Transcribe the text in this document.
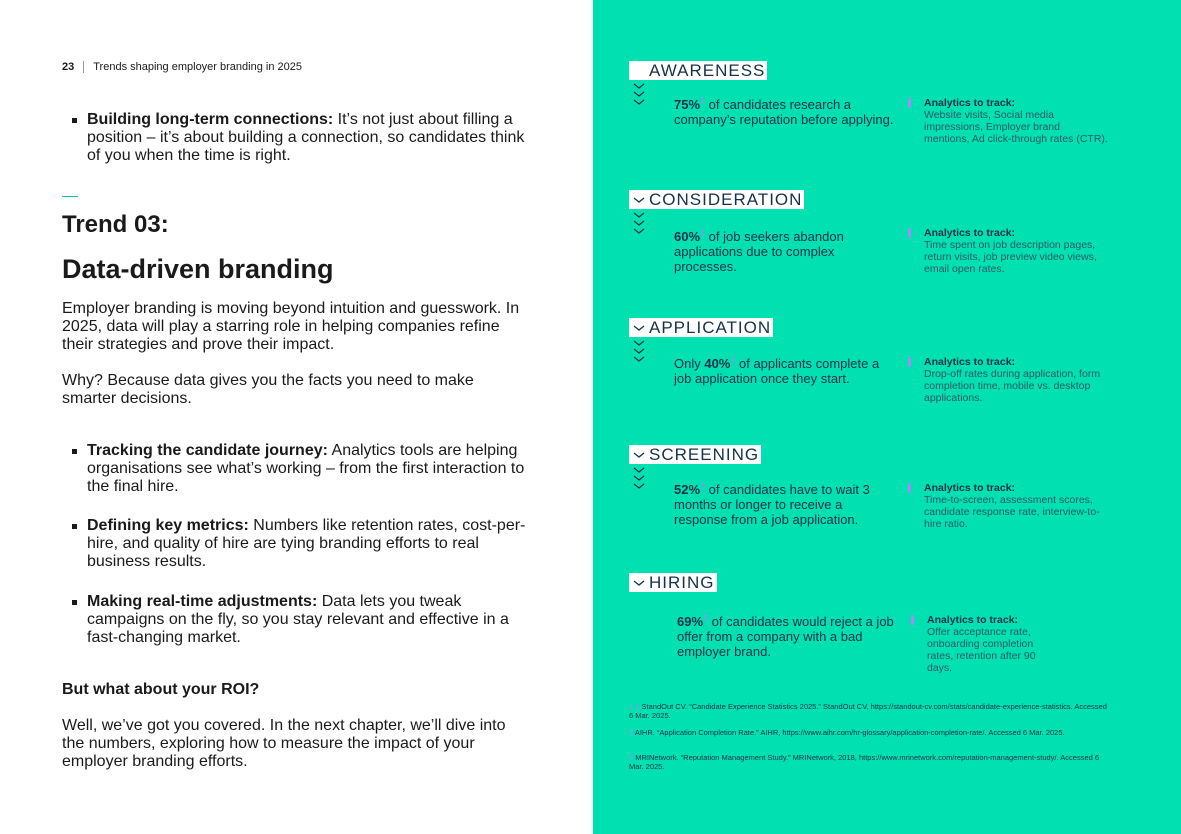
23 Trends shaping employer branding in 2025
Building long-term connections: It’s not just about filling a position – it’s about building a connection, so candidates think of you when the time is right.
Trend 03:
Data-driven branding
Employer branding is moving beyond intuition and guesswork. In 2025, data will play a starring role in helping companies refine their strategies and prove their impact.
Why? Because data gives you the facts you need to make smarter decisions.
Tracking the candidate journey: Analytics tools are helping organisations see what’s working – from the first interaction to the final hire.
Defining key metrics: Numbers like retention rates, cost-per-hire, and quality of hire are tying branding efforts to real business results.
Making real-time adjustments: Data lets you tweak campaigns on the fly, so you stay relevant and effective in a fast-changing market.
But what about your ROI?
Well, we’ve got you covered. In the next chapter, we’ll dive into the numbers, exploring how to measure the impact of your employer branding efforts.
AWARENESS
75%$^1$ of candidates research a company’s reputation before applying.
Analytics to track:
Website visits, Social media impressions, Employer brand mentions, Ad click-through rates (CTR).
CONSIDERATION
60%$^1$ of job seekers abandon applications due to complex processes.
Analytics to track:
Time spent on job description pages, return visits, job preview video views, email open rates.
APPLICATION
Only 40%$^2$ of applicants complete a job application once they start.
Analytics to track:
Drop-off rates during application, form completion time, mobile vs. desktop applications.
SCREENING
52%$^1$ of candidates have to wait 3 months or longer to receive a response from a job application.
Analytics to track:
Time-to-screen, assessment scores, candidate response rate, interview-to-hire ratio.
HIRING
69%$^3$ of candidates would reject a job offer from a company with a bad employer brand.
Analytics to track:
Offer acceptance rate, onboarding completion rates, retention after 90 days.
1 1 StandOut CV. “Candidate Experience Statistics 2025.” StandOut CV, https://standout-cv.com/stats/candidate-experience-statistics. Accessed 6 Mar. 2025.
2 AIHR. “Application Completion Rate.” AIHR, https://www.aihr.com/hr-glossary/application-completion-rate/. Accessed 6 Mar. 2025.
3 MRINetwork. “Reputation Management Study.” MRINetwork, 2018, https://www.mrinetwork.com/reputation-management-study/. Accessed 6 Mar. 2025.
